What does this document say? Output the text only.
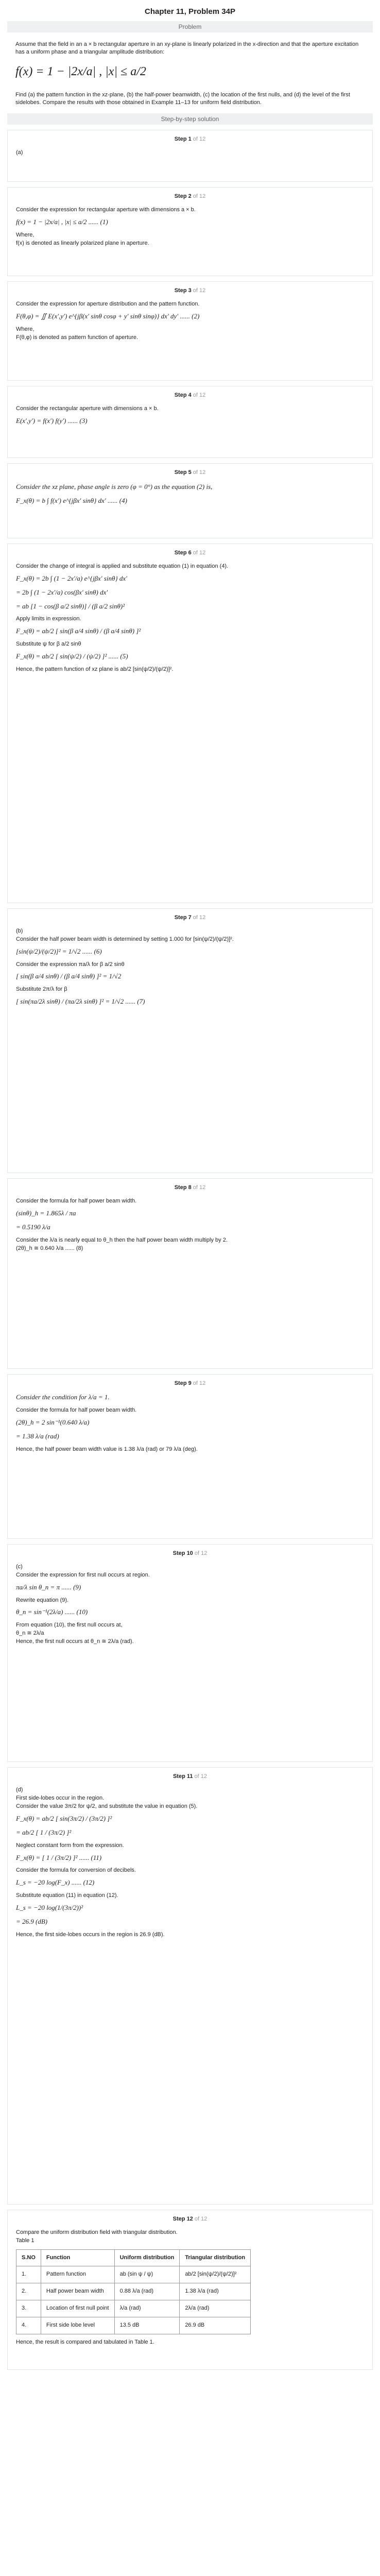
Chapter 11, Problem 34P
Problem
Assume that the field in an a × b rectangular aperture in an xy-plane is linearly polarized in the x-direction and that the aperture excitation has a uniform phase and a triangular amplitude distribution:
f(x) = 1 − |2x/a| , |x| ≤ a/2
Find (a) the pattern function in the xz-plane, (b) the half-power beamwidth, (c) the location of the first nulls, and (d) the level of the first sidelobes. Compare the results with those obtained in Example 11–13 for uniform field distribution.
Step-by-step solution
Step 1 of 12
(a)
Step 2 of 12
Consider the expression for rectangular aperture with dimensions a × b.
f(x) = 1 − |2x/a| , |x| ≤ a/2 ...... (1)
Where,
f(x) is denoted as linearly polarized plane in aperture.
Step 3 of 12
Consider the expression for aperture distribution and the pattern function.
F(θ,φ) = ∬ E(x′,y′) e^{jβ(x′ sinθ cosφ + y′ sinθ sinφ)} dx′ dy′ ...... (2)
Where,
F(θ,φ) is denoted as pattern function of aperture.
Step 4 of 12
Consider the rectangular aperture with dimensions a × b.
E(x′,y′) = f(x′) f(y′) ...... (3)
Step 5 of 12
Consider the xz plane, phase angle is zero (φ = 0°) as the equation (2) is,
F_x(θ) = b ∫ f(x′) e^{jβx′ sinθ} dx′ ...... (4)
Step 6 of 12
Consider the change of integral is applied and substitute equation (1) in equation (4).
F_x(θ) = 2b ∫ (1 − 2x′/a) e^{jβx′ sinθ} dx′
= 2b ∫ (1 − 2x′/a) cos(βx′ sinθ) dx′
= ab [1 − cos(β a/2 sinθ)] / (β a/2 sinθ)²
Apply limits in expression.
F_x(θ) = ab/2 [ sin(β a/4 sinθ) / (β a/4 sinθ) ]²
Substitute ψ for β a/2 sinθ
F_x(θ) = ab/2 [ sin(ψ/2) / (ψ/2) ]² ...... (5)
Hence, the pattern function of xz plane is ab/2 [sin(ψ/2)/(ψ/2)]².
Step 7 of 12
(b)
Consider the half power beam width is determined by setting 1.000 for [sin(ψ/2)/(ψ/2)]².
[sin(ψ/2)/(ψ/2)]² = 1/√2 ...... (6)
Consider the expression πa/λ for β a/2 sinθ
[ sin(β a/4 sinθ) / (β a/4 sinθ) ]² = 1/√2
Substitute 2π/λ for β
[ sin(πa/2λ sinθ) / (πa/2λ sinθ) ]² = 1/√2 ...... (7)
Step 8 of 12
Consider the formula for half power beam width.
(sinθ)_h = 1.865λ / πa
= 0.5190 λ/a
Consider the λ/a is nearly equal to θ_h then the half power beam width multiply by 2.
(2θ)_h ≅ 0.640 λ/a ...... (8)
Step 9 of 12
Consider the condition for λ/a = 1.
Consider the formula for half power beam width.
(2θ)_h = 2 sin⁻¹(0.640 λ/a)
= 1.38 λ/a (rad)
Hence, the half power beam width value is 1.38 λ/a (rad) or 79 λ/a (deg).
Step 10 of 12
(c)
Consider the expression for first null occurs at region.
πa/λ sin θ_n = π ...... (9)
Rewrite equation (9).
θ_n = sin⁻¹(2λ/a) ...... (10)
From equation (10), the first null occurs at,
θ_n ≅ 2λ/a
Hence, the first null occurs at θ_n ≅ 2λ/a (rad).
Step 11 of 12
(d)
First side-lobes occur in the region.
Consider the value 3π/2 for ψ/2, and substitute the value in equation (5).
F_x(θ) = ab/2 [ sin(3π/2) / (3π/2) ]²
= ab/2 [ 1 / (3π/2) ]²
Neglect constant form from the expression.
F_x(θ) = [ 1 / (3π/2) ]² ...... (11)
Consider the formula for conversion of decibels.
L_s = −20 log(F_x) ...... (12)
Substitute equation (11) in equation (12).
L_s = −20 log(1/(3π/2))²
= 26.9 (dB)
Hence, the first side-lobes occurs in the region is 26.9 (dB).
Step 12 of 12
Compare the uniform distribution field with triangular distribution.
Table 1
S.NO	Function	Uniform distribution	Triangular distribution
1.	Pattern function	ab (sin ψ / ψ)	ab/2 [sin(ψ/2)/(ψ/2)]²
2.	Half power beam width	0.88 λ/a (rad)	1.38 λ/a (rad)
3.	Location of first null point	λ/a (rad)	2λ/a (rad)
4.	First side lobe level	13.5 dB	26.9 dB
Hence, the result is compared and tabulated in Table 1.
